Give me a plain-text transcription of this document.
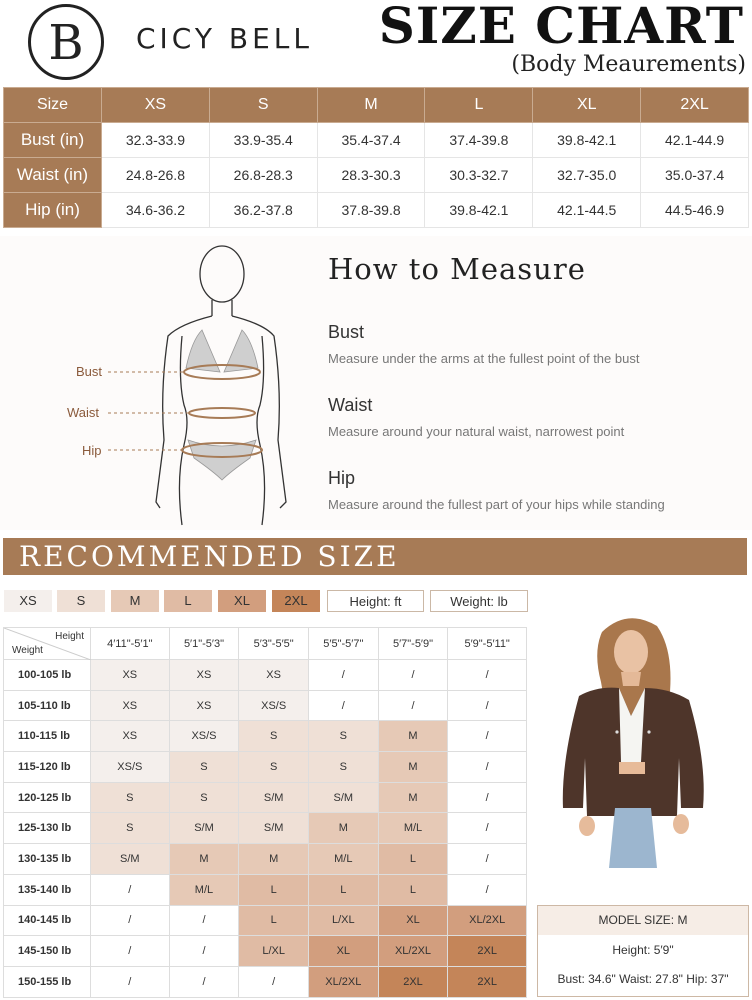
B	CICY BELL SIZE CHART
(Body Meaurements)
Size	XS	S	M	L	XL	2XL
Bust (in)	32.3-33.9	33.9-35.4	35.4-37.4	37.4-39.8	39.8-42.1	42.1-44.9
Waist (in)	24.8-26.8	26.8-28.3	28.3-30.3	30.3-32.7	32.7-35.0	35.0-37.4
Hip (in)	34.6-36.2	36.2-37.8	37.8-39.8	39.8-42.1	42.1-44.5	44.5-46.9
Bust
Waist
Hip
How to Measure
Bust
Measure under the arms at the fullest point of the bust
Waist
Measure around your natural waist, narrowest point
Hip
Measure around the fullest part of your hips while standing
RECOMMENDED SIZE
XS	S	M	L	XL	2XL	Height: ft	Weight: lb
Height
Weight	4′11"-5′1"	5′1"-5′3"	5′3"-5′5"	5′5"-5′7"	5′7"-5′9"	5′9"-5′11"
100-105 lb	XS	XS	XS	/	/	/
105-110 lb	XS	XS	XS/S	/	/	/
110-115 lb	XS	XS/S	S	S	M	/
115-120 lb	XS/S	S	S	S	M	/
120-125 lb	S	S	S/M	S/M	M	/
125-130 lb	S	S/M	S/M	M	M/L	/
130-135 lb	S/M	M	M	M/L	L	/
135-140 lb	/	M/L	L	L	L	/
140-145 lb	/	/	L	L/XL	XL	XL/2XL
145-150 lb	/	/	L/XL	XL	XL/2XL	2XL
150-155 lb	/	/	/	XL/2XL	2XL	2XL
MODEL SIZE: M
Height: 5′9"
Bust: 34.6" Waist: 27.8" Hip: 37"
